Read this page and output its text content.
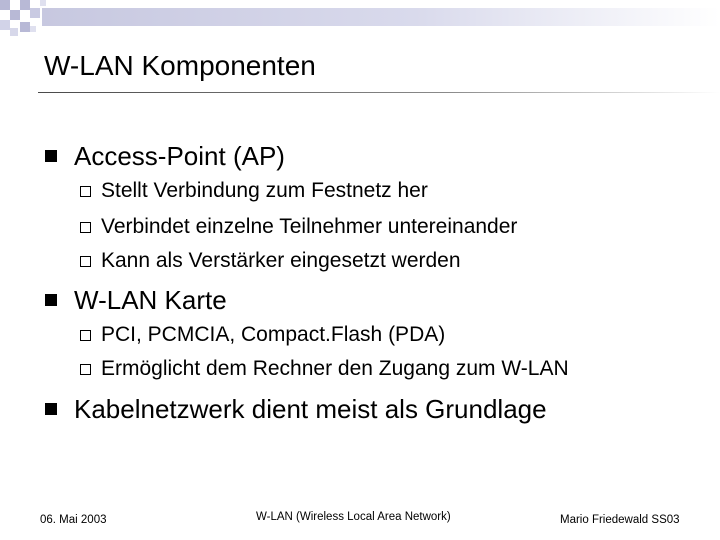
W-LAN Komponenten
Access-Point (AP)
Stellt Verbindung zum Festnetz her
Verbindet einzelne Teilnehmer untereinander
Kann als Verstärker eingesetzt werden
W-LAN Karte
PCI, PCMCIA, Compact.Flash (PDA)
Ermöglicht dem Rechner den Zugang zum W-LAN
Kabelnetzwerk dient meist als Grundlage
06. Mai 2003	W-LAN (Wireless Local Area Network)	Mario Friedewald SS03
